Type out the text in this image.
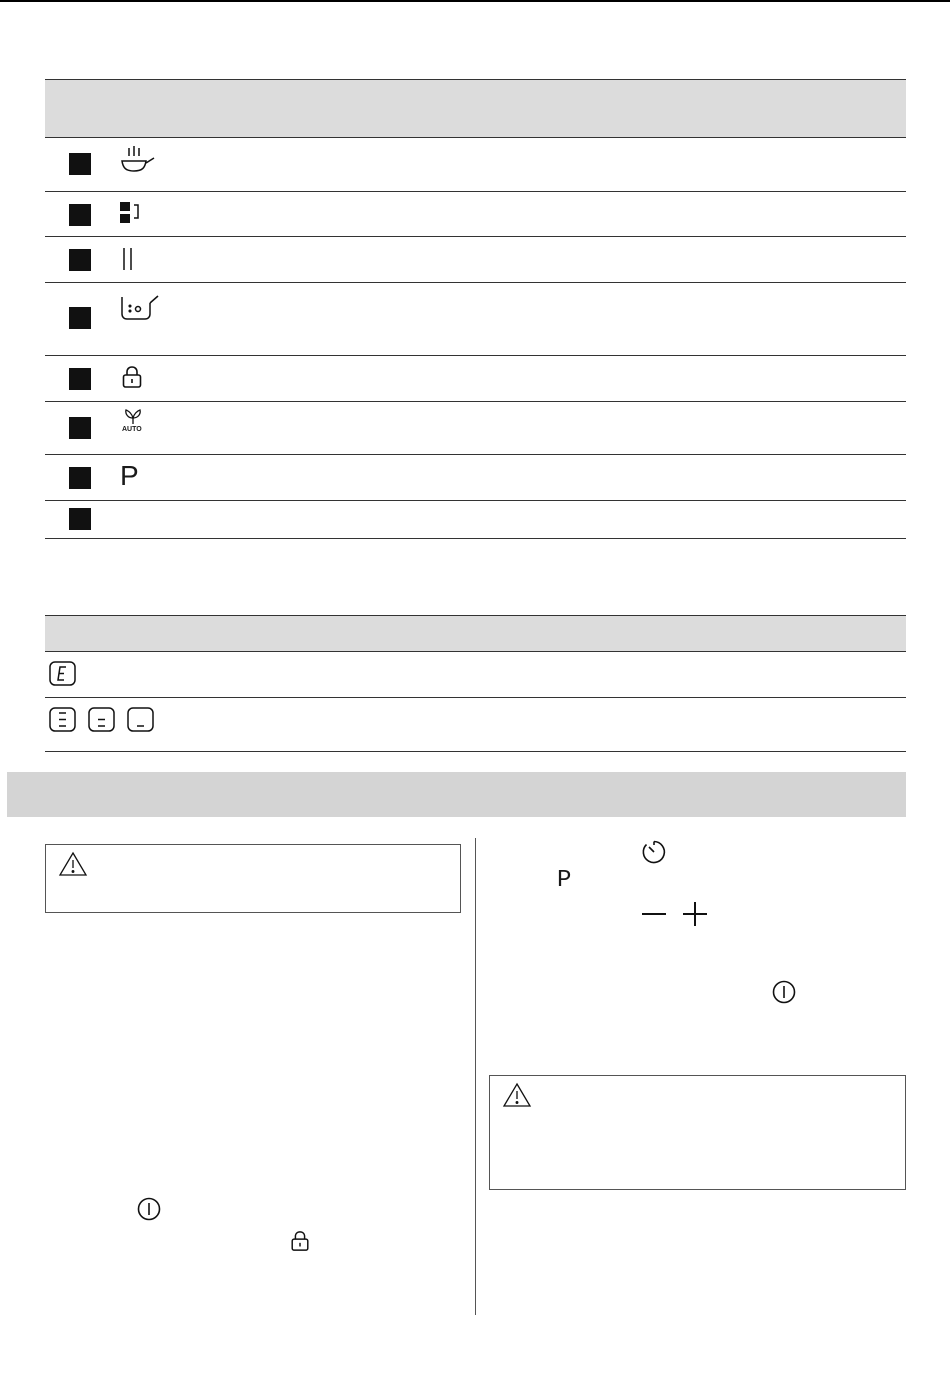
AUTO
P
P
